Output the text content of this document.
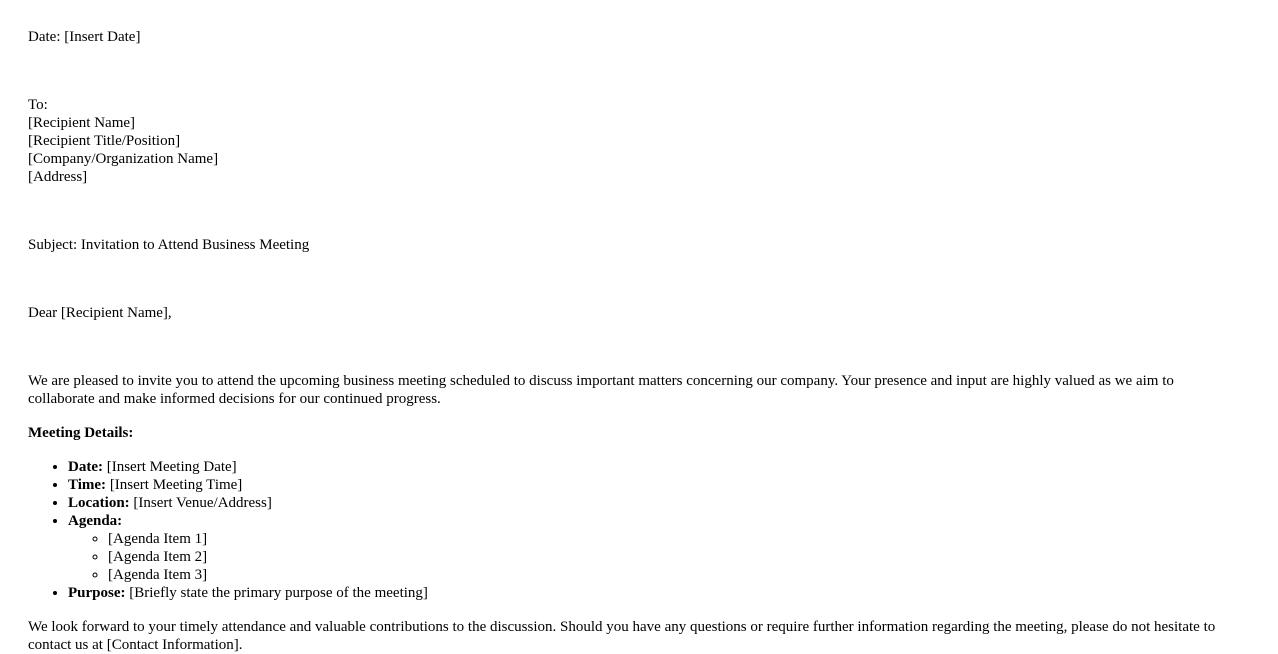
Date: [Insert Date]

To:

[Recipient Name]

[Recipient Title/Position]

[Company/Organization Name]

[Address]

Subject: Invitation to Attend Business Meeting

Dear [Recipient Name],

We are pleased to invite you to attend the upcoming business meeting scheduled to discuss important matters concerning our company. Your presence and input are highly valued as we aim to collaborate and make informed decisions for our continued progress.

Meeting Details:

• Date: [Insert Meeting Date]
• Time: [Insert Meeting Time]
• Location: [Insert Venue/Address]
• Agenda:
◦ [Agenda Item 1]
◦ [Agenda Item 2]
◦ [Agenda Item 3]
• Purpose: [Briefly state the primary purpose of the meeting]

We look forward to your timely attendance and valuable contributions to the discussion. Should you have any questions or require further information regarding the meeting, please do not hesitate to contact us at [Contact Information].
